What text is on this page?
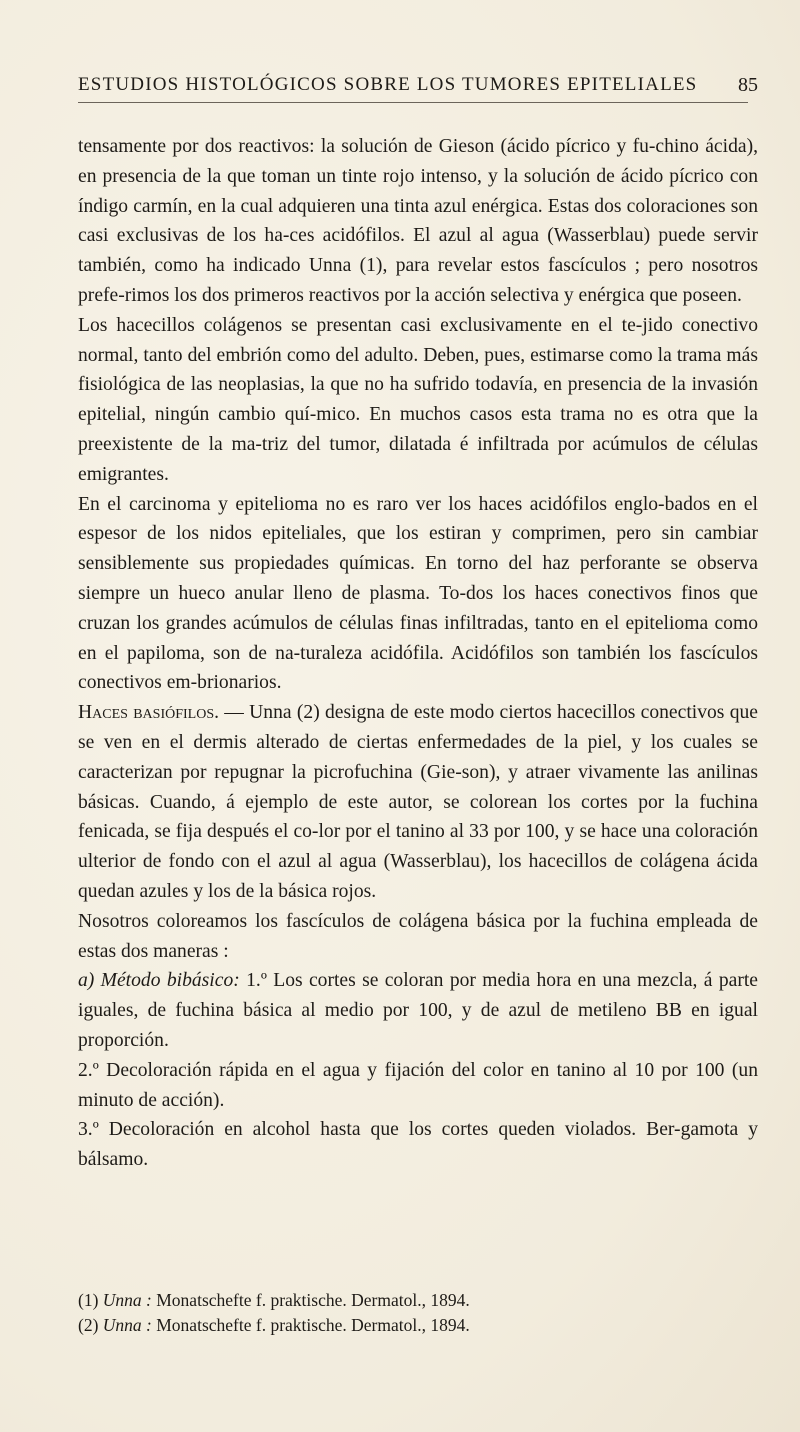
ESTUDIOS HISTOLÓGICOS SOBRE LOS TUMORES EPITELIALES 85

tensamente por dos reactivos: la solución de Gieson (ácido pícrico y fu-chino ácida), en presencia de la que toman un tinte rojo intenso, y la solución de ácido pícrico con índigo carmín, en la cual adquieren una tinta azul enérgica. Estas dos coloraciones son casi exclusivas de los ha-ces acidófilos. El azul al agua (Wasserblau) puede servir también, como ha indicado Unna (1), para revelar estos fascículos ; pero nosotros prefe-rimos los dos primeros reactivos por la acción selectiva y enérgica que poseen.

Los hacecillos colágenos se presentan casi exclusivamente en el te-jido conectivo normal, tanto del embrión como del adulto. Deben, pues, estimarse como la trama más fisiológica de las neoplasias, la que no ha sufrido todavía, en presencia de la invasión epitelial, ningún cambio quí-mico. En muchos casos esta trama no es otra que la preexistente de la ma-triz del tumor, dilatada é infiltrada por acúmulos de células emigrantes.

En el carcinoma y epitelioma no es raro ver los haces acidófilos englo-bados en el espesor de los nidos epiteliales, que los estiran y comprimen, pero sin cambiar sensiblemente sus propiedades químicas. En torno del haz perforante se observa siempre un hueco anular lleno de plasma. To-dos los haces conectivos finos que cruzan los grandes acúmulos de células finas infiltradas, tanto en el epitelioma como en el papiloma, son de na-turaleza acidófila. Acidófilos son también los fascículos conectivos em-brionarios.

Haces basiófilos. — Unna (2) designa de este modo ciertos hacecillos conectivos que se ven en el dermis alterado de ciertas enfermedades de la piel, y los cuales se caracterizan por repugnar la picrofuchina (Gie-son), y atraer vivamente las anilinas básicas. Cuando, á ejemplo de este autor, se colorean los cortes por la fuchina fenicada, se fija después el co-lor por el tanino al 33 por 100, y se hace una coloración ulterior de fondo con el azul al agua (Wasserblau), los hacecillos de colágena ácida quedan azules y los de la básica rojos.

Nosotros coloreamos los fascículos de colágena básica por la fuchina empleada de estas dos maneras :

a) Método bibásico: 1.º Los cortes se coloran por media hora en una mezcla, á parte iguales, de fuchina básica al medio por 100, y de azul de metileno BB en igual proporción.

2.º Decoloración rápida en el agua y fijación del color en tanino al 10 por 100 (un minuto de acción).

3.º Decoloración en alcohol hasta que los cortes queden violados. Ber-gamota y bálsamo.

(1) Unna : Monatschefte f. praktische. Dermatol., 1894.

(2) Unna : Monatschefte f. praktische. Dermatol., 1894.
